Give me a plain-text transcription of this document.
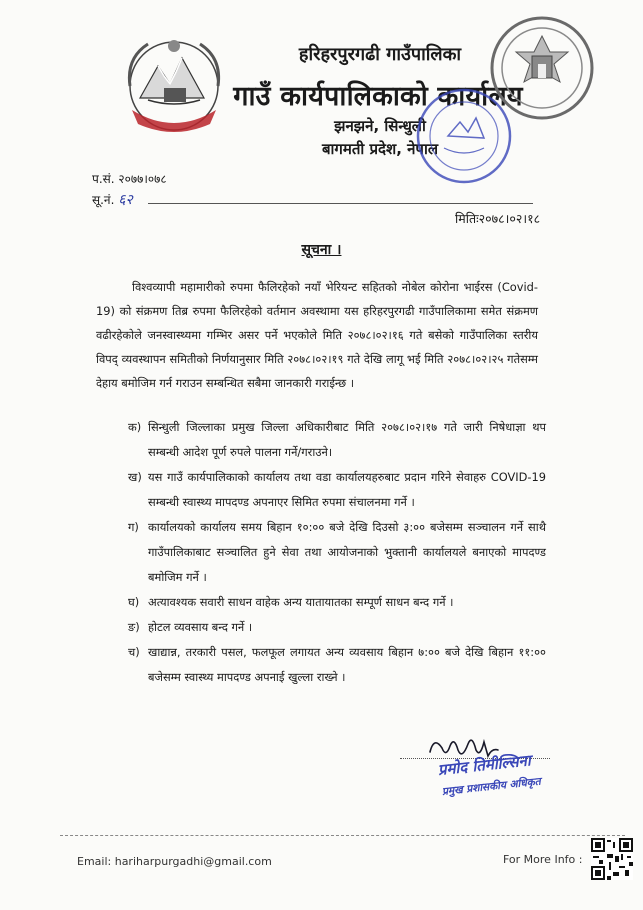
हरिहरपुरगढी गाउँपालिका
गाउँ कार्यपालिकाको कार्यालय
झनझने, सिन्धुली
बागमती प्रदेश, नेपाल
प.सं. २०७७।०७८
सू.नं. ६२
मितिः२०७८।०२।१८
सूचना ।

विश्वव्यापी महामारीको रुपमा फैलिरहेको नयाँ भेरियन्ट सहितको नोबेल कोरोना भाईरस (Covid-19) को संक्रमण तिब्र रुपमा फैलिरहेको वर्तमान अवस्थामा यस हरिहरपुरगढी गाउँपालिकामा समेत संक्रमण वढीरहेकोले जनस्वास्थ्यमा गम्भिर असर पर्ने भएकोले मिति २०७८।०२।१६ गते बसेको गाउँपालिका स्तरीय विपद् व्यवस्थापन समितीको निर्णयानुसार मिति २०७८।०२।१९ गते देखि लागू भई मिति २०७८।०२।२५ गतेसम्म देहाय बमोजिम गर्न गराउन सम्बन्धित सबैमा जानकारी गराईन्छ ।

क) सिन्धुली जिल्लाका प्रमुख जिल्ला अधिकारीबाट मिति २०७८।०२।१७ गते जारी निषेधाज्ञा थप सम्बन्धी आदेश पूर्ण रुपले पालना गर्ने/गराउने।
ख) यस गाउँ कार्यपालिकाको कार्यालय तथा वडा कार्यालयहरुबाट प्रदान गरिने सेवाहरु COVID-19 सम्बन्धी स्वास्थ्य मापदण्ड अपनाएर सिमित रुपमा संचालनमा गर्ने ।
ग) कार्यालयको कार्यालय समय बिहान १०:०० बजे देखि दिउसो ३:०० बजेसम्म सञ्चालन गर्ने साथै गाउँपालिकाबाट सञ्चालित हुने सेवा तथा आयोजनाको भुक्तानी कार्यालयले बनाएको मापदण्ड बमोजिम गर्ने ।
घ) अत्यावश्यक सवारी साधन वाहेक अन्य यातायातका सम्पूर्ण साधन बन्द गर्ने ।
ङ) होटल व्यवसाय बन्द गर्ने ।
च) खाद्यान्न, तरकारी पसल, फलफूल लगायत अन्य व्यवसाय बिहान ७:०० बजे देखि बिहान ११:०० बजेसम्म स्वास्थ्य मापदण्ड अपनाई खुल्ला राख्ने ।
प्रमोद तिमील्सिना
प्रमुख प्रशासकीय अधिकृत
Email: hariharpurgadhi@gmail.com	For More Info :
